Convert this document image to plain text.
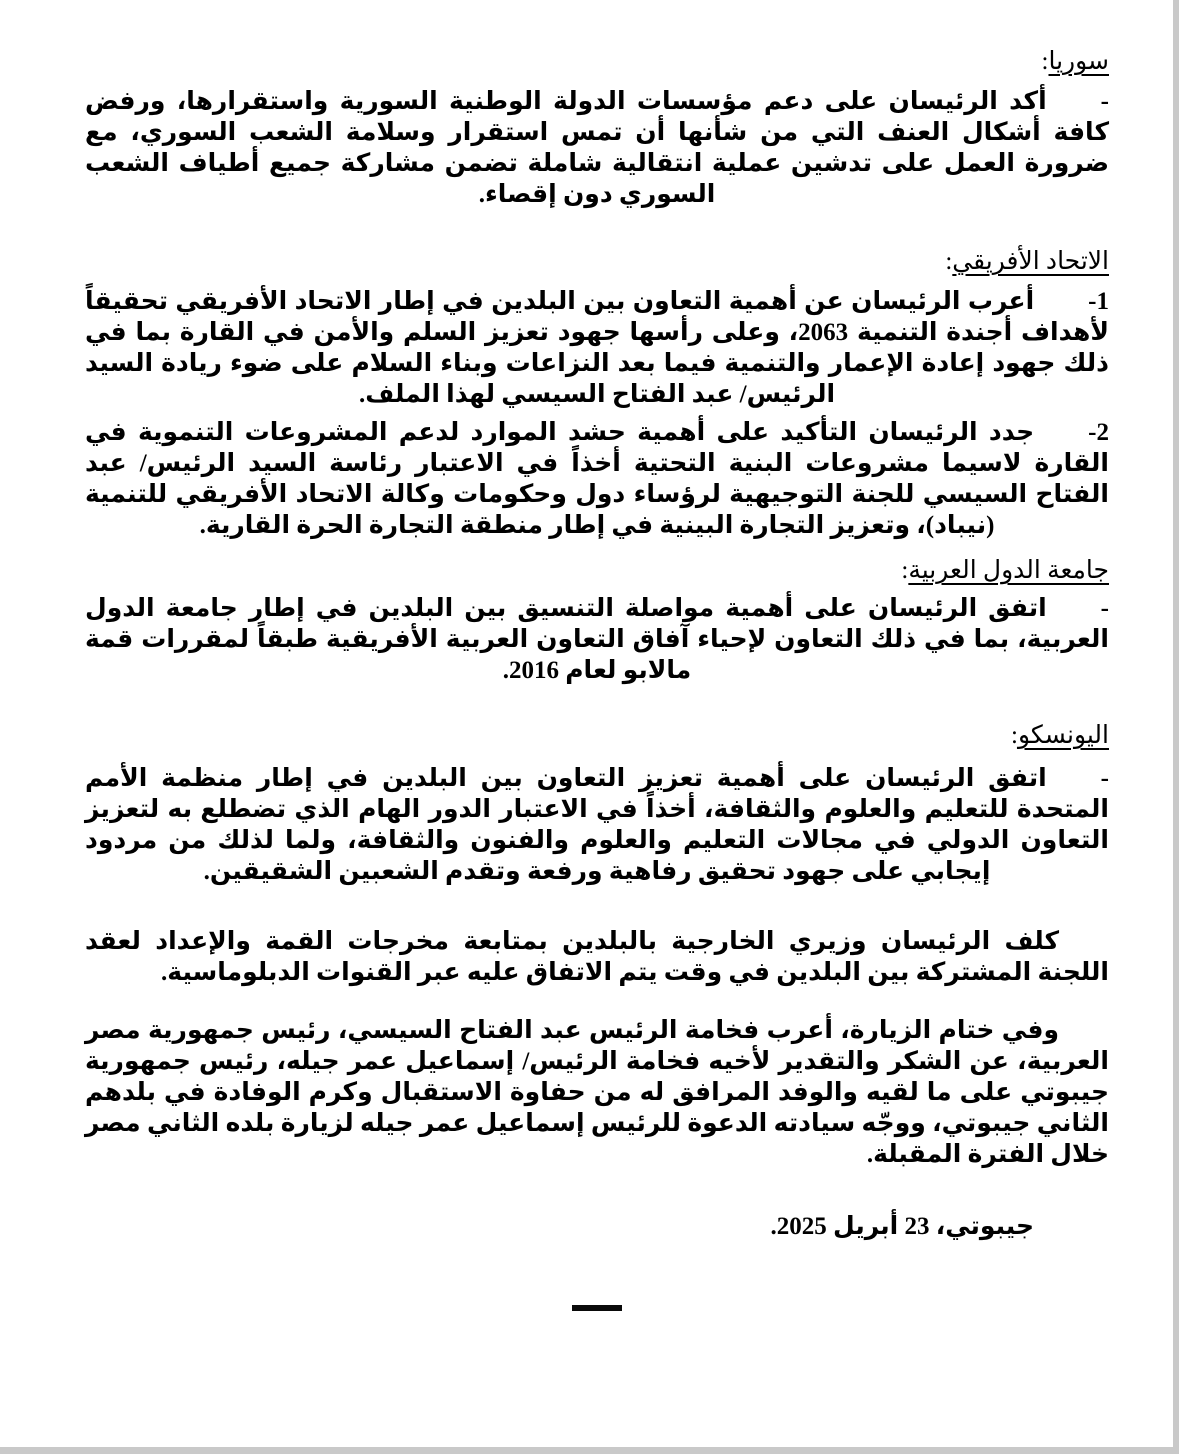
سوريا:

-أكد الرئيسان على دعم مؤسسات الدولة الوطنية السورية واستقرارها، ورفض كافة أشكال العنف التي من شأنها أن تمس استقرار وسلامة الشعب السوري، مع ضرورة العمل على تدشين عملية انتقالية شاملة تضمن مشاركة جميع أطياف الشعب السوري دون إقصاء.

الاتحاد الأفريقي:

1-أعرب الرئيسان عن أهمية التعاون بين البلدين في إطار الاتحاد الأفريقي تحقيقاً لأهداف أجندة التنمية 2063، وعلى رأسها جهود تعزيز السلم والأمن في القارة بما في ذلك جهود إعادة الإعمار والتنمية فيما بعد النزاعات وبناء السلام على ضوء ريادة السيد الرئيس/ عبد الفتاح السيسي لهذا الملف.

2-جدد الرئيسان التأكيد على أهمية حشد الموارد لدعم المشروعات التنموية في القارة لاسيما مشروعات البنية التحتية أخذاً في الاعتبار رئاسة السيد الرئيس/ عبد الفتاح السيسي للجنة التوجيهية لرؤساء دول وحكومات وكالة الاتحاد الأفريقي للتنمية (نيباد)، وتعزيز التجارة البينية في إطار منطقة التجارة الحرة القارية.

جامعة الدول العربية:

-اتفق الرئيسان على أهمية مواصلة التنسيق بين البلدين في إطار جامعة الدول العربية، بما في ذلك التعاون لإحياء آفاق التعاون العربية الأفريقية طبقاً لمقررات قمة مالابو لعام 2016.

اليونسكو:

-اتفق الرئيسان على أهمية تعزيز التعاون بين البلدين في إطار منظمة الأمم المتحدة للتعليم والعلوم والثقافة، أخذاً في الاعتبار الدور الهام الذي تضطلع به لتعزيز التعاون الدولي في مجالات التعليم والعلوم والفنون والثقافة، ولما لذلك من مردود إيجابي على جهود تحقيق رفاهية ورفعة وتقدم الشعبين الشقيقين.

كلف الرئيسان وزيري الخارجية بالبلدين بمتابعة مخرجات القمة والإعداد لعقد اللجنة المشتركة بين البلدين في وقت يتم الاتفاق عليه عبر القنوات الدبلوماسية.

وفي ختام الزيارة، أعرب فخامة الرئيس عبد الفتاح السيسي، رئيس جمهورية مصر العربية، عن الشكر والتقدير لأخيه فخامة الرئيس/ إسماعيل عمر جيله، رئيس جمهورية جيبوتي على ما لقيه والوفد المرافق له من حفاوة الاستقبال وكرم الوفادة في بلدهم الثاني جيبوتي، ووجّه سيادته الدعوة للرئيس إسماعيل عمر جيله لزيارة بلده الثاني مصر خلال الفترة المقبلة.

جيبوتي، 23 أبريل 2025.
